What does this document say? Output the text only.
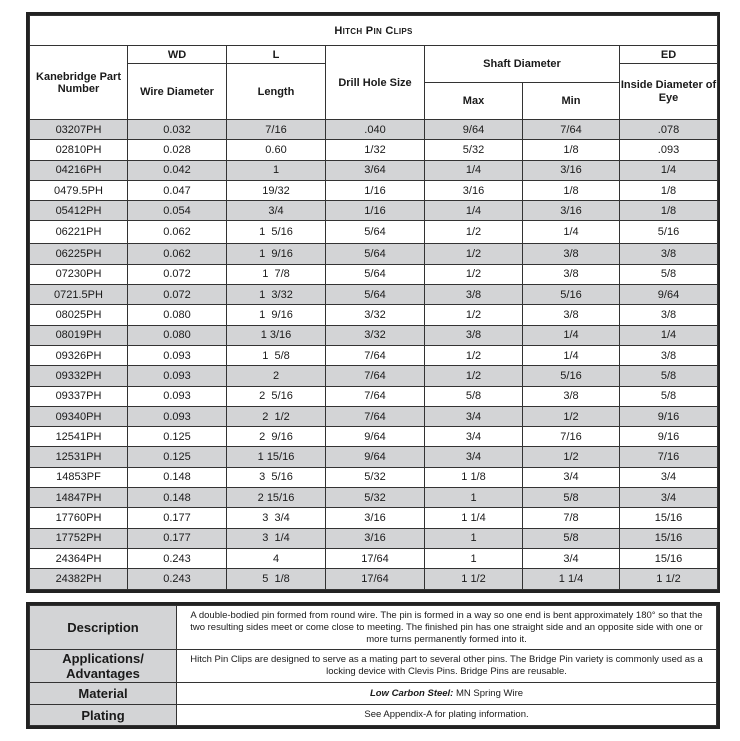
Hitch Pin Clips						
Kanebridge Part Number	WD	L	Drill Hole Size	Shaft Diameter		ED
	Wire Diameter	Length				Inside Diameter of Eye
				Max	Min	
03207PH	0.032	7/16	.040	9/64	7/64	.078
02810PH	0.028	0.60	1/32	5/32	1/8	.093
04216PH	0.042	1	3/64	1/4	3/16	1/4
0479.5PH	0.047	19/32	1/16	3/16	1/8	1/8
05412PH	0.054	3/4	1/16	1/4	3/16	1/8
06221PH	0.062	1  5/16	5/64	1/2	1/4	5/16
06225PH	0.062	1  9/16	5/64	1/2	3/8	3/8
07230PH	0.072	1  7/8	5/64	1/2	3/8	5/8
0721.5PH	0.072	1  3/32	5/64	3/8	5/16	9/64
08025PH	0.080	1  9/16	3/32	1/2	3/8	3/8
08019PH	0.080	1 3/16	3/32	3/8	1/4	1/4
09326PH	0.093	1  5/8	7/64	1/2	1/4	3/8
09332PH	0.093	2	7/64	1/2	5/16	5/8
09337PH	0.093	2  5/16	7/64	5/8	3/8	5/8
09340PH	0.093	2  1/2	7/64	3/4	1/2	9/16
12541PH	0.125	2  9/16	9/64	3/4	7/16	9/16
12531PH	0.125	1 15/16	9/64	3/4	1/2	7/16
14853PF	0.148	3  5/16	5/32	1 1/8	3/4	3/4
14847PH	0.148	2 15/16	5/32	1	5/8	3/4
17760PH	0.177	3  3/4	3/16	1 1/4	7/8	15/16
17752PH	0.177	3  1/4	3/16	1	5/8	15/16
24364PH	0.243	4	17/64	1	3/4	15/16
24382PH	0.243	5  1/8	17/64	1 1/2	1 1/4	1 1/2
Description	A double-bodied pin formed from round wire. The pin is formed in a way so one end is bent approximately 180° so that the two resulting sides meet or come close to meeting. The finished pin has one straight side and an opposite side with one or more turns permanently formed into it.
Applications/ Advantages	Hitch Pin Clips are designed to serve as a mating part to several other pins. The Bridge Pin variety is commonly used as a locking device with Clevis Pins. Bridge Pins are reusable.
Material	Low Carbon Steel: MN Spring Wire
Plating	See Appendix-A for plating information.
